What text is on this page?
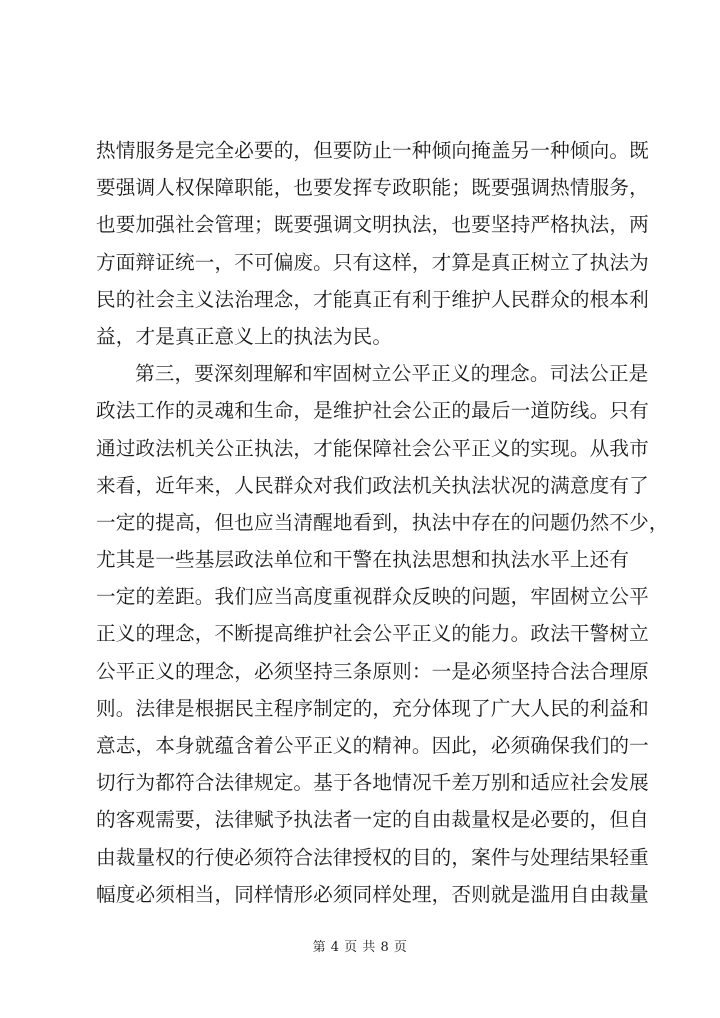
热情服务是完全必要的，但要防止一种倾向掩盖另一种倾向。既
要强调人权保障职能，也要发挥专政职能；既要强调热情服务，
也要加强社会管理；既要强调文明执法，也要坚持严格执法，两
方面辩证统一，不可偏废。只有这样，才算是真正树立了执法为
民的社会主义法治理念，才能真正有利于维护人民群众的根本利
益，才是真正意义上的执法为民。
第三，要深刻理解和牢固树立公平正义的理念。司法公正是
政法工作的灵魂和生命，是维护社会公正的最后一道防线。只有
通过政法机关公正执法，才能保障社会公平正义的实现。从我市
来看，近年来，人民群众对我们政法机关执法状况的满意度有了
一定的提高，但也应当清醒地看到，执法中存在的问题仍然不少，
尤其是一些基层政法单位和干警在执法思想和执法水平上还有
一定的差距。我们应当高度重视群众反映的问题，牢固树立公平
正义的理念，不断提高维护社会公平正义的能力。政法干警树立
公平正义的理念，必须坚持三条原则：一是必须坚持合法合理原
则。法律是根据民主程序制定的，充分体现了广大人民的利益和
意志，本身就蕴含着公平正义的精神。因此，必须确保我们的一
切行为都符合法律规定。基于各地情况千差万别和适应社会发展
的客观需要，法律赋予执法者一定的自由裁量权是必要的，但自
由裁量权的行使必须符合法律授权的目的，案件与处理结果轻重
幅度必须相当，同样情形必须同样处理，否则就是滥用自由裁量
第 4 页 共 8 页
